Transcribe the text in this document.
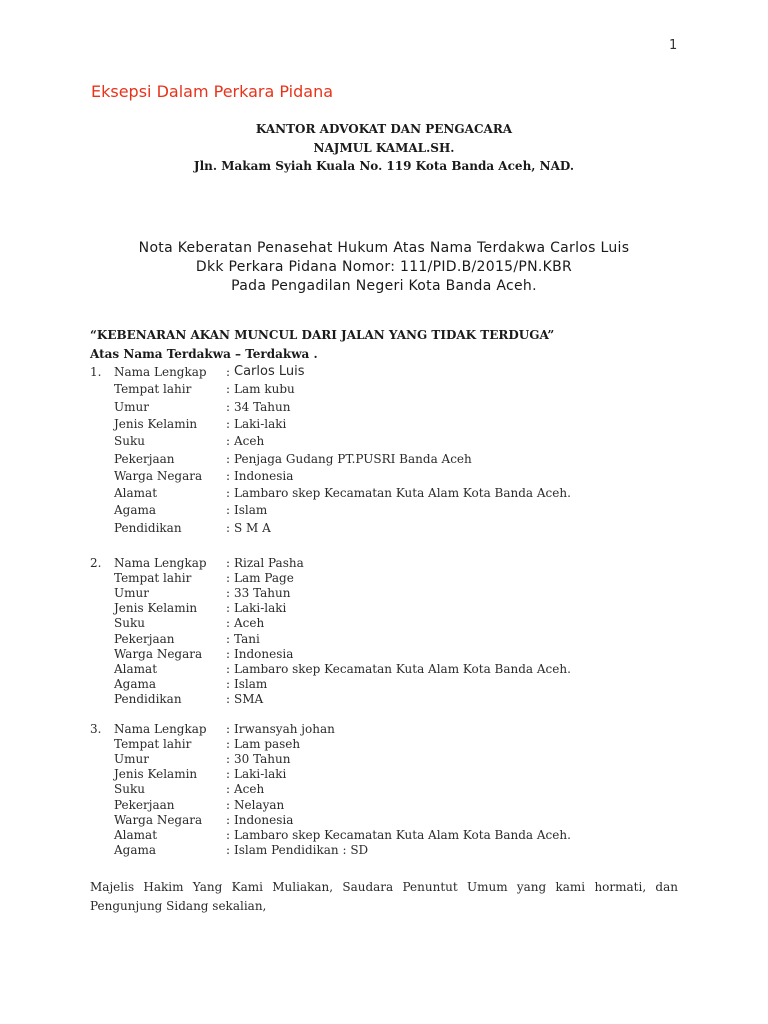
1
Eksepsi Dalam Perkara Pidana
KANTOR ADVOKAT DAN PENGACARA
NAJMUL KAMAL.SH.
Jln. Makam Syiah Kuala No. 119 Kota Banda Aceh, NAD.
Nota Keberatan Penasehat Hukum Atas Nama Terdakwa Carlos Luis
Dkk Perkara Pidana Nomor: 111/PID.B/2015/PN.KBR
Pada Pengadilan Negeri Kota Banda Aceh.
“KEBENARAN AKAN MUNCUL DARI JALAN YANG TIDAK TERDUGA”
Atas Nama Terdakwa – Terdakwa .
1. Nama Lengkap : Carlos Luis
Tempat lahir	: Lam kubu
Umur	: 34 Tahun
Jenis Kelamin : Laki-laki
Suku	: Aceh
Pekerjaan	: Penjaga Gudang PT.PUSRI Banda Aceh
Warga Negara : Indonesia
Alamat	: Lambaro skep Kecamatan Kuta Alam Kota Banda Aceh.
Agama	: Islam
Pendidikan	: S M A
2. Nama Lengkap : Rizal Pasha
Tempat lahir	: Lam Page
Umur	: 33 Tahun
Jenis Kelamin : Laki-laki
Suku	: Aceh
Pekerjaan	: Tani
Warga Negara : Indonesia
Alamat	: Lambaro skep Kecamatan Kuta Alam Kota Banda Aceh.
Agama	: Islam
Pendidikan	: SMA
3. Nama Lengkap : Irwansyah johan
Tempat lahir	: Lam paseh
Umur	: 30 Tahun
Jenis Kelamin : Laki-laki
Suku	: Aceh
Pekerjaan	: Nelayan
Warga Negara : Indonesia
Alamat	: Lambaro skep Kecamatan Kuta Alam Kota Banda Aceh.
Agama	: Islam Pendidikan : SD
Majelis Hakim Yang Kami Muliakan, Saudara Penuntut Umum yang kami hormati, dan Pengunjung Sidang sekalian,
